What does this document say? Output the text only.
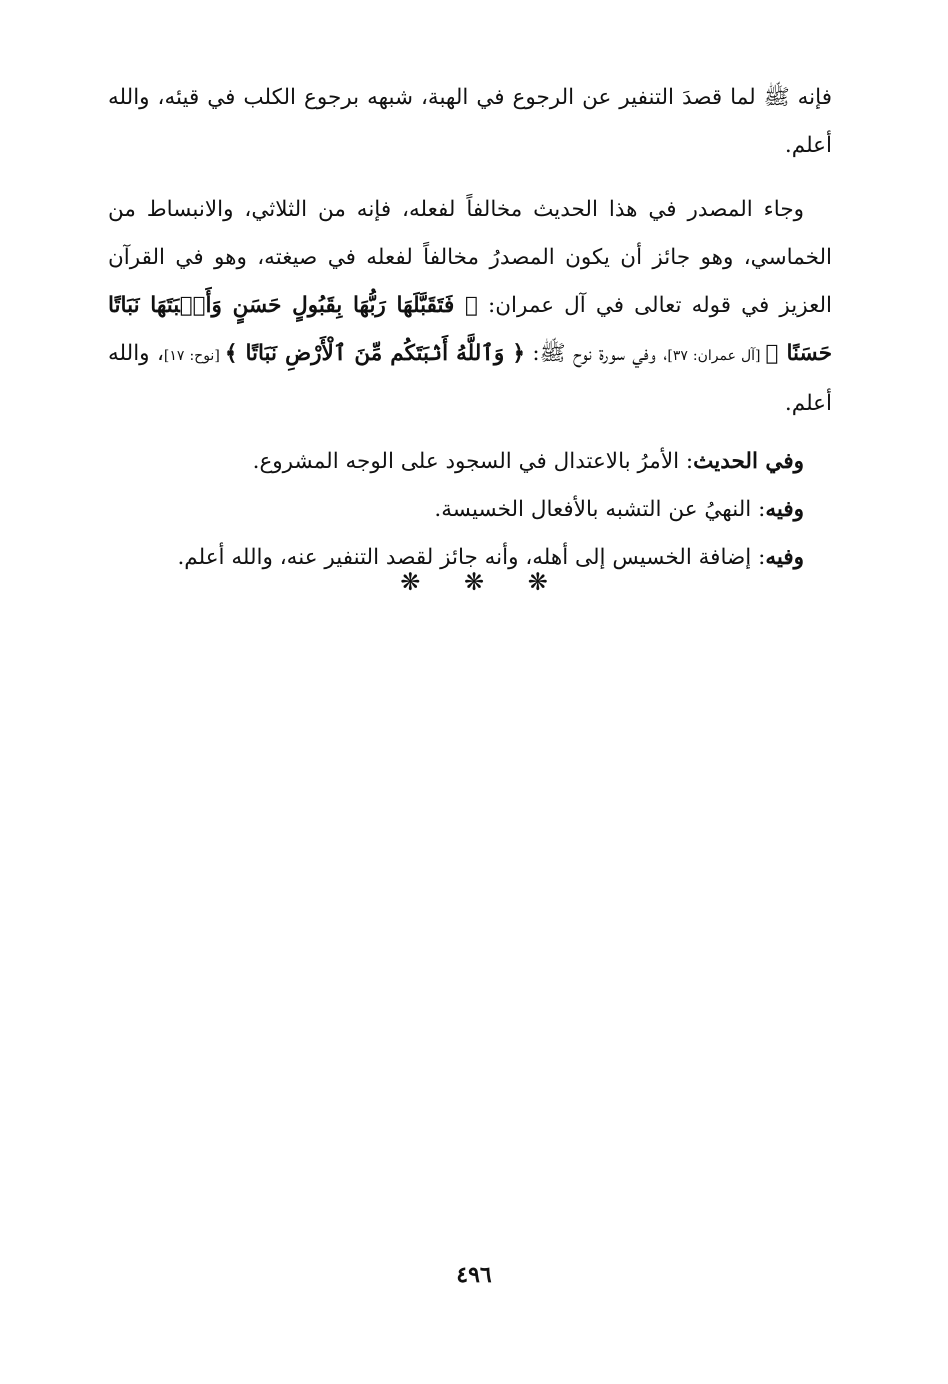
فإنه ﷺ لما قصدَ التنفير عن الرجوع في الهبة، شبهه برجوع الكلب في قيئه، والله أعلم.

وجاء المصدر في هذا الحديث مخالفاً لفعله، فإنه من الثلاثي، والانبساط من الخماسي، وهو جائز أن يكون المصدرُ مخالفاً لفعله في صيغته، وهو في القرآن العزيز في قوله تعالى في آل عمران: ﴿ فَتَقَبَّلَهَا رَبُّهَا بِقَبُولٍ حَسَنٍ وَأَنۢبَتَهَا نَبَاتًا حَسَنًا ﴾ [آل عمران: ٣٧]، وفي سورة نوح ﷺ: ﴿ وَٱللَّهُ أَنۢبَتَكُم مِّنَ ٱلْأَرْضِ نَبَاتًا ﴾ [نوح: ١٧]، والله أعلم.

وفي الحديث: الأمرُ بالاعتدال في السجود على الوجه المشروع.

وفيه: النهيُ عن التشبه بالأفعال الخسيسة.

وفيه: إضافة الخسيس إلى أهله، وأنه جائز لقصد التنفير عنه، والله أعلم.

❋ ❋ ❋
٤٩٦
